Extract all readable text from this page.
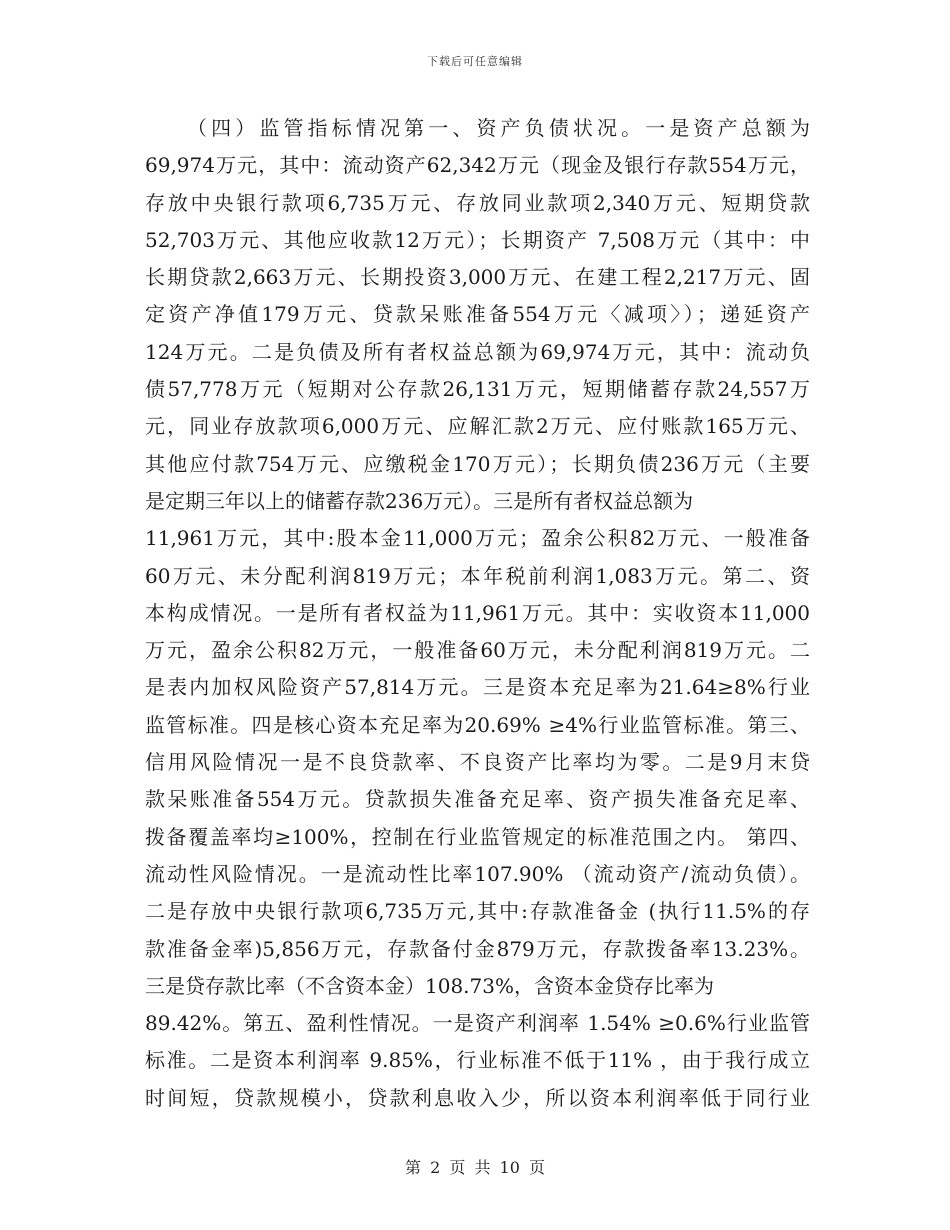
下载后可任意编辑
（四）监管指标情况第一、资产负债状况。一是资产总额为
69,974万元，其中：流动资产62,342万元（现金及银行存款554万元，
存放中央银行款项6,735万元、存放同业款项2,340万元、短期贷款
52,703万元、其他应收款12万元）；长期资产 7,508万元（其中：中
长期贷款2,663万元、长期投资3,000万元、在建工程2,217万元、固
定资产净值179万元、贷款呆账准备554万元〈减项〉）；递延资产
124万元。二是负债及所有者权益总额为69,974万元，其中：流动负
债57,778万元（短期对公存款26,131万元，短期储蓄存款24,557万
元，同业存放款项6,000万元、应解汇款2万元、应付账款165万元、
其他应付款754万元、应缴税金170万元）；长期负债236万元（主要
是定期三年以上的储蓄存款236万元）。三是所有者权益总额为
11,961万元，其中:股本金11,000万元；盈余公积82万元、一般准备
60万元、未分配利润819万元；本年税前利润1,083万元。第二、资
本构成情况。一是所有者权益为11,961万元。其中：实收资本11,000
万元，盈余公积82万元，一般准备60万元，未分配利润819万元。二
是表内加权风险资产57,814万元。三是资本充足率为21.64≥8%行业
监管标准。四是核心资本充足率为20.69% ≥4%行业监管标准。第三、
信用风险情况一是不良贷款率、不良资产比率均为零。二是9月末贷
款呆账准备554万元。贷款损失准备充足率、资产损失准备充足率、
拨备覆盖率均≥100%，控制在行业监管规定的标准范围之内。 第四、
流动性风险情况。一是流动性比率107.90% （流动资产/流动负债）。
二是存放中央银行款项6,735万元,其中:存款准备金 (执行11.5%的存
款准备金率)5,856万元，存款备付金879万元，存款拨备率13.23%。
三是贷存款比率（不含资本金）108.73%，含资本金贷存比率为
89.42%。第五、盈利性情况。一是资产利润率 1.54% ≥0.6%行业监管
标准。二是资本利润率 9.85%，行业标准不低于11% ，由于我行成立
时间短，贷款规模小，贷款利息收入少，所以资本利润率低于同行业
第 2 页 共 10 页
